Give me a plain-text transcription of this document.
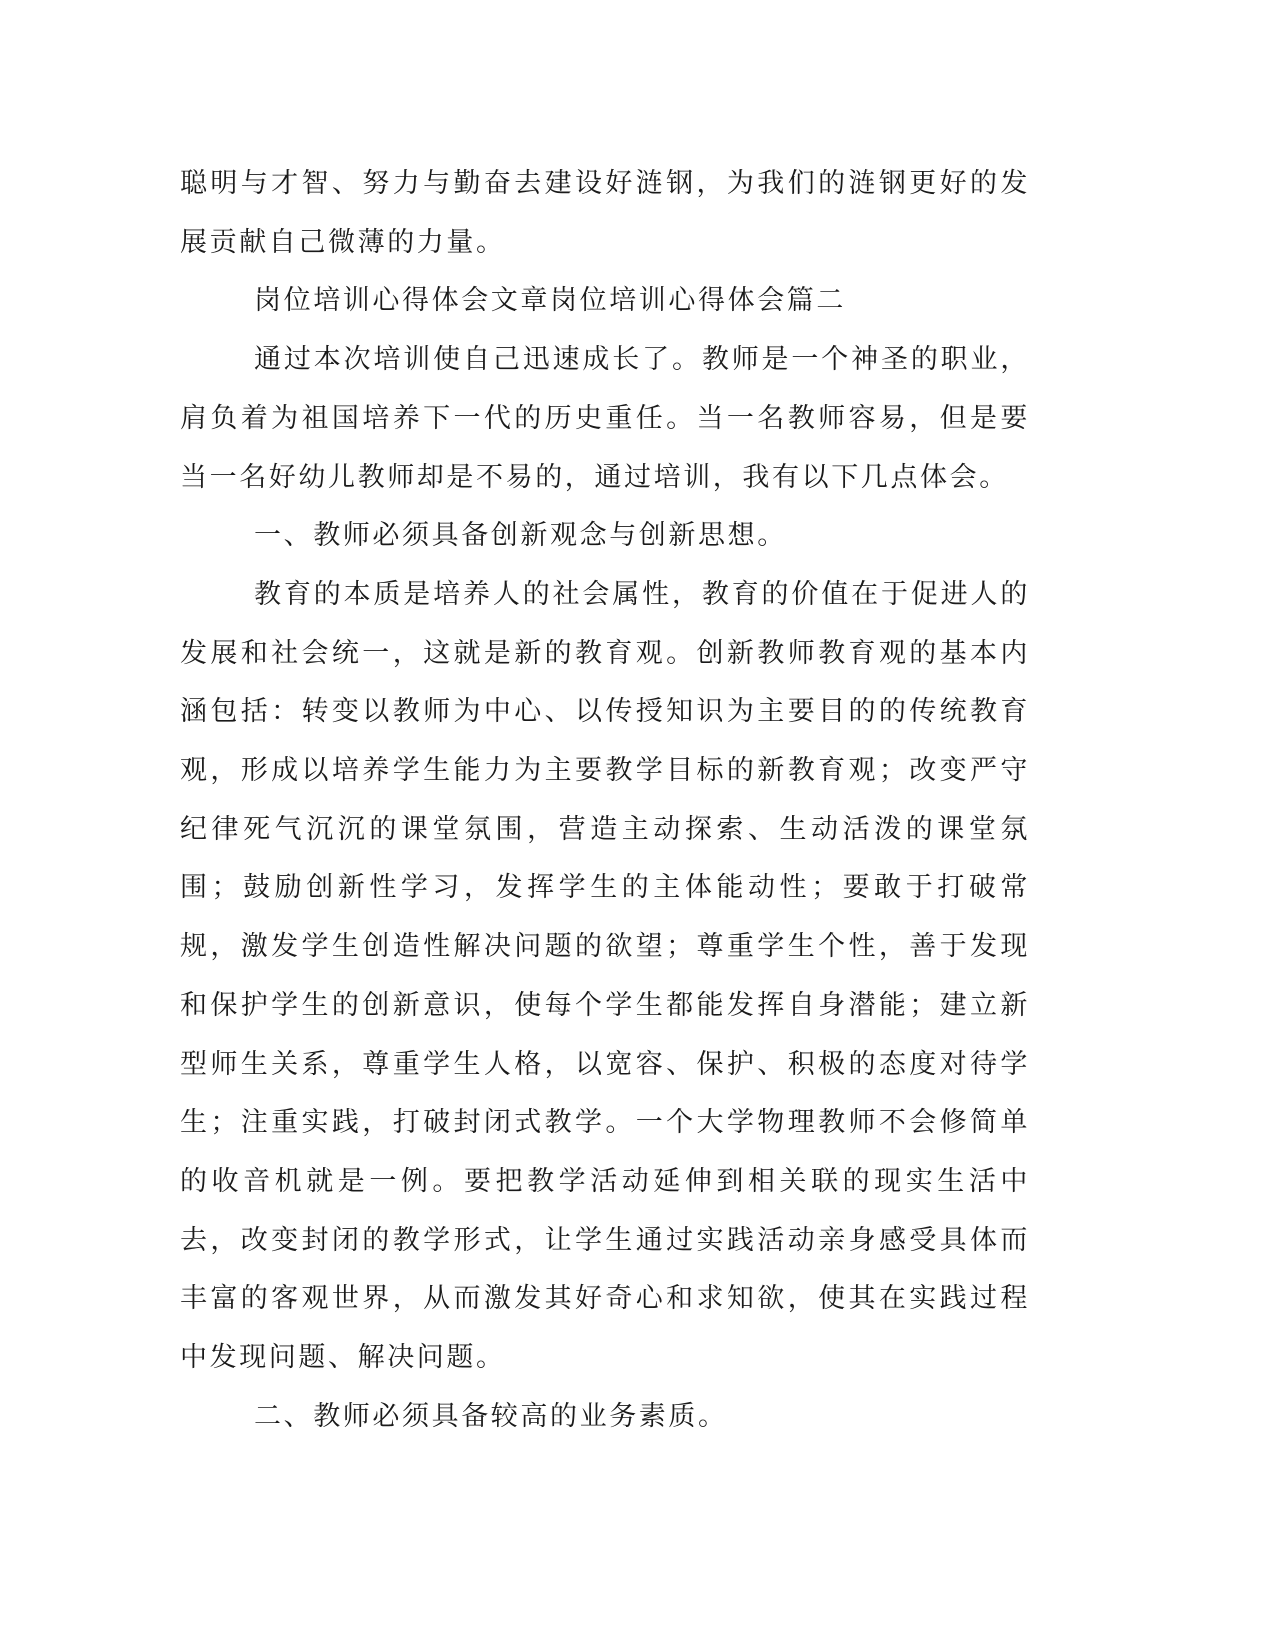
聪明与才智、努力与勤奋去建设好涟钢，为我们的涟钢更好的发展贡献自己微薄的力量。

岗位培训心得体会文章岗位培训心得体会篇二

通过本次培训使自己迅速成长了。教师是一个神圣的职业，肩负着为祖国培养下一代的历史重任。当一名教师容易，但是要当一名好幼儿教师却是不易的，通过培训，我有以下几点体会。

一、教师必须具备创新观念与创新思想。

教育的本质是培养人的社会属性，教育的价值在于促进人的发展和社会统一，这就是新的教育观。创新教师教育观的基本内涵包括：转变以教师为中心、以传授知识为主要目的的传统教育观，形成以培养学生能力为主要教学目标的新教育观；改变严守纪律死气沉沉的课堂氛围，营造主动探索、生动活泼的课堂氛围；鼓励创新性学习，发挥学生的主体能动性；要敢于打破常规，激发学生创造性解决问题的欲望；尊重学生个性，善于发现和保护学生的创新意识，使每个学生都能发挥自身潜能；建立新型师生关系，尊重学生人格，以宽容、保护、积极的态度对待学生；注重实践，打破封闭式教学。一个大学物理教师不会修简单的收音机就是一例。要把教学活动延伸到相关联的现实生活中去，改变封闭的教学形式，让学生通过实践活动亲身感受具体而丰富的客观世界，从而激发其好奇心和求知欲，使其在实践过程中发现问题、解决问题。

二、教师必须具备较高的业务素质。
